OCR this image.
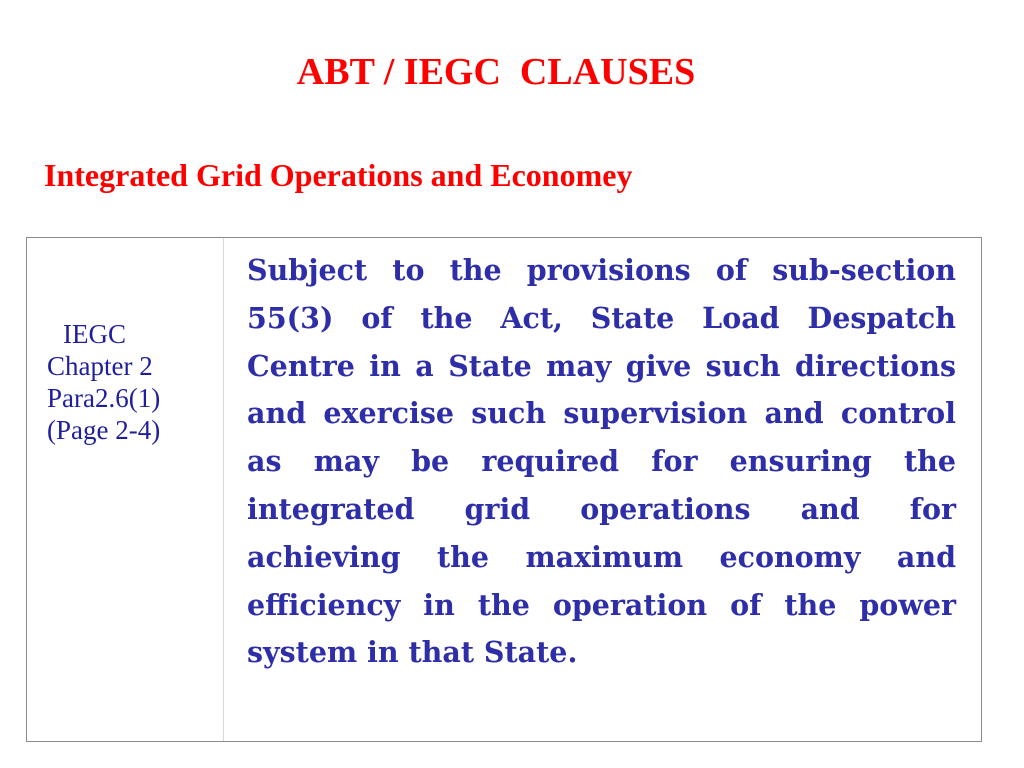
ABT / IEGC  CLAUSES
Integrated Grid Operations and Economey
IEGC
Chapter 2
Para2.6(1)
(Page 2-4)

Subject to the provisions of sub-section 55(3) of the Act, State Load Despatch Centre in a State may give such directions and exercise such supervision and control as may be required for ensuring the integrated grid operations and for achieving the maximum economy and efficiency in the operation of the power system in that State.
